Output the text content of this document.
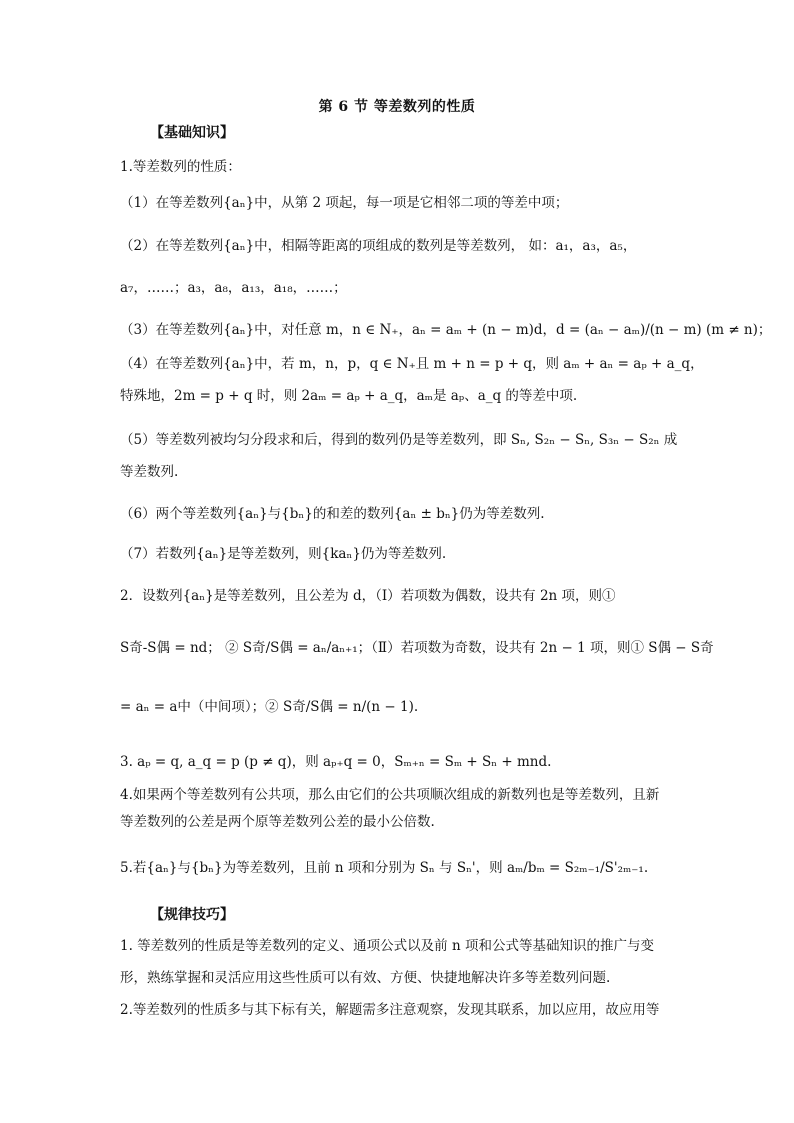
第 6 节 等差数列的性质
【基础知识】
1.等差数列的性质：
（1）在等差数列{aₙ}中，从第 2 项起，每一项是它相邻二项的等差中项；
（2）在等差数列{aₙ}中，相隔等距离的项组成的数列是等差数列， 如：a₁，a₃，a₅，
a₇，……；a₃，a₈，a₁₃，a₁₈，……；
（3）在等差数列{aₙ}中，对任意 m，n ∈ N₊，aₙ = aₘ + (n − m)d，d = (aₙ − aₘ)/(n − m) (m ≠ n)；
（4）在等差数列{aₙ}中，若 m，n，p，q ∈ N₊且 m + n = p + q，则 aₘ + aₙ = aₚ + a_q，
特殊地，2m = p + q 时，则 2aₘ = aₚ + a_q，aₘ是 aₚ、a_q 的等差中项.
（5）等差数列被均匀分段求和后，得到的数列仍是等差数列，即 Sₙ, S₂ₙ − Sₙ, S₃ₙ − S₂ₙ 成
等差数列.
（6）两个等差数列{aₙ}与{bₙ}的和差的数列{aₙ ± bₙ}仍为等差数列.
（7）若数列{aₙ}是等差数列，则{kaₙ}仍为等差数列.
2．设数列{aₙ}是等差数列，且公差为 d，（Ⅰ）若项数为偶数，设共有 2n 项，则①
S奇-S偶 = nd； ② S奇/S偶 = aₙ/aₙ₊₁；（Ⅱ）若项数为奇数，设共有 2n − 1 项，则① S偶 − S奇
= aₙ = a中（中间项）；② S奇/S偶 = n/(n − 1).
3. aₚ = q, a_q = p (p ≠ q)，则 aₚ₊q = 0，Sₘ₊ₙ = Sₘ + Sₙ + mnd.
4.如果两个等差数列有公共项，那么由它们的公共项顺次组成的新数列也是等差数列，且新
等差数列的公差是两个原等差数列公差的最小公倍数.
5.若{aₙ}与{bₙ}为等差数列，且前 n 项和分别为 Sₙ 与 Sₙ'，则 aₘ/bₘ = S₂ₘ₋₁/S'₂ₘ₋₁.
【规律技巧】
1. 等差数列的性质是等差数列的定义、通项公式以及前 n 项和公式等基础知识的推广与变
形，熟练掌握和灵活应用这些性质可以有效、方便、快捷地解决许多等差数列问题.
2.等差数列的性质多与其下标有关，解题需多注意观察，发现其联系，加以应用，故应用等
